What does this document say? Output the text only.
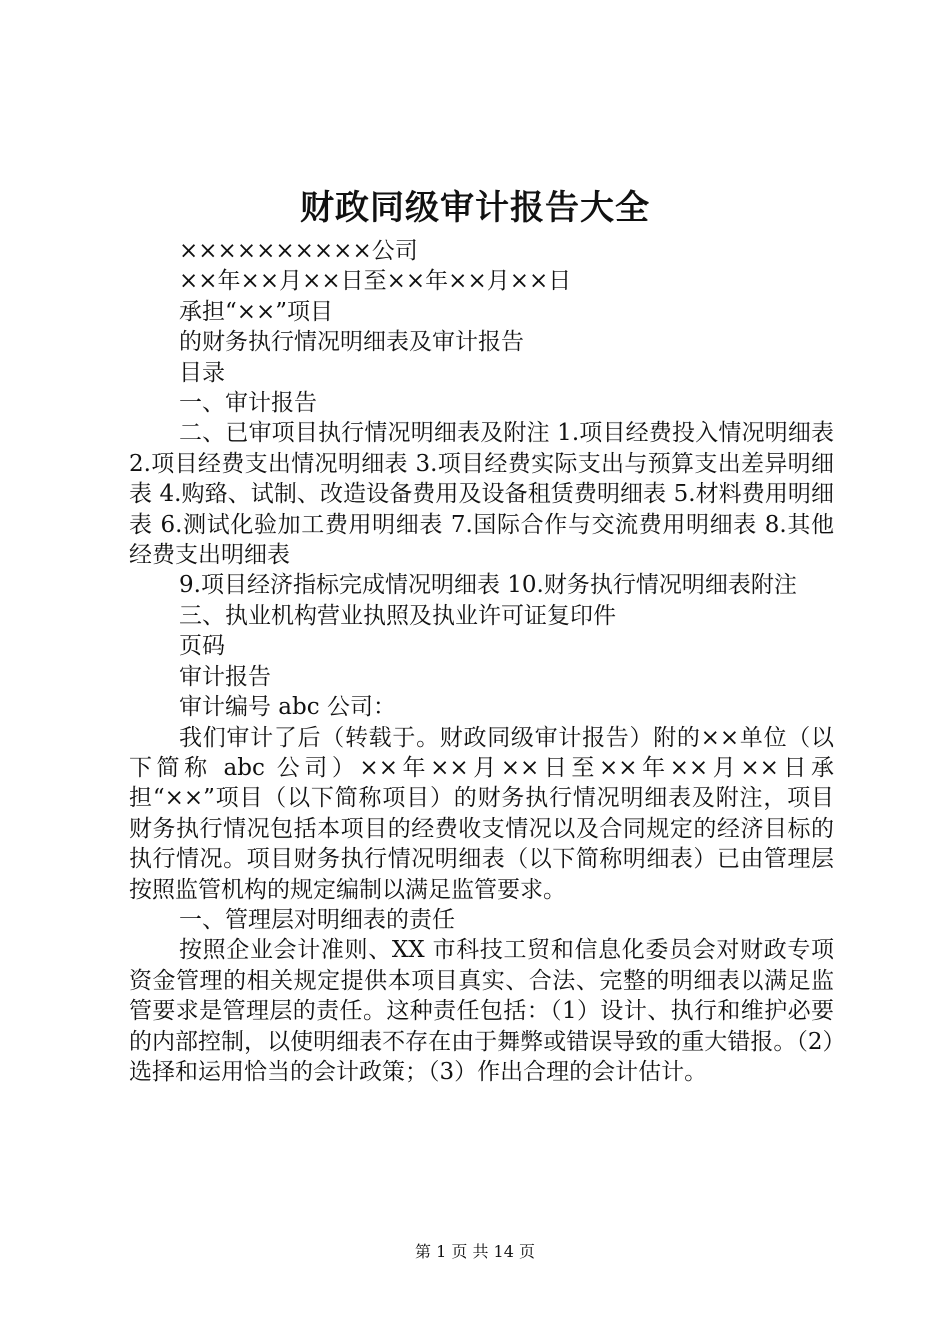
财政同级审计报告大全

××××××××××公司

××年××月××日至××年××月××日

承担“××”项目

的财务执行情况明细表及审计报告

目录

一、审计报告

二、已审项目执行情况明细表及附注 1.项目经费投入情况明细表 2.项目经费支出情况明细表 3.项目经费实际支出与预算支出差异明细表 4.购臵、试制、改造设备费用及设备租赁费明细表 5.材料费用明细表 6.测试化验加工费用明细表 7.国际合作与交流费用明细表 8.其他经费支出明细表

9.项目经济指标完成情况明细表 10.财务执行情况明细表附注

三、执业机构营业执照及执业许可证复印件

页码

审计报告

审计编号 abc 公司：

我们审计了后（转载于。财政同级审计报告）附的××单位（以下简称 abc 公司）××年××月××日至××年××月××日承担“××”项目（以下简称项目）的财务执行情况明细表及附注，项目财务执行情况包括本项目的经费收支情况以及合同规定的经济目标的执行情况。项目财务执行情况明细表（以下简称明细表）已由管理层按照监管机构的规定编制以满足监管要求。

一、管理层对明细表的责任

按照企业会计准则、XX 市科技工贸和信息化委员会对财政专项资金管理的相关规定提供本项目真实、合法、完整的明细表以满足监管要求是管理层的责任。这种责任包括：（1）设计、执行和维护必要的内部控制，以使明细表不存在由于舞弊或错误导致的重大错报。（2）选择和运用恰当的会计政策；（3）作出合理的会计估计。

第 1 页 共 14 页
